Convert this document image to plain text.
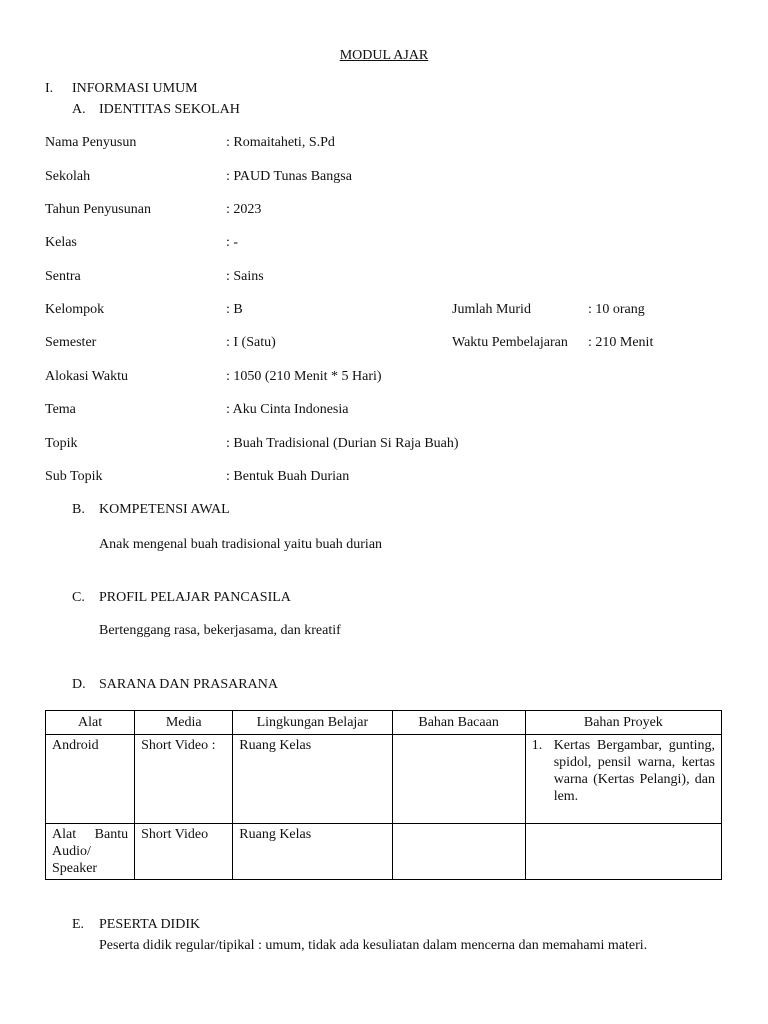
MODUL AJAR
I. INFORMASI UMUM
A. IDENTITAS SEKOLAH
Nama Penyusun	: Romaitaheti, S.Pd
Sekolah	: PAUD Tunas Bangsa
Tahun Penyusunan	: 2023
Kelas	: -
Sentra	: Sains
Kelompok	: B	Jumlah Murid	: 10 orang
Semester	: I (Satu)	Waktu Pembelajaran : 210 Menit
Alokasi Waktu	: 1050 (210 Menit * 5 Hari)
Tema	: Aku Cinta Indonesia
Topik	: Buah Tradisional (Durian Si Raja Buah)
Sub Topik	: Bentuk Buah Durian
B. KOMPETENSI AWAL
Anak mengenal buah tradisional yaitu buah durian
C. PROFIL PELAJAR PANCASILA
Bertenggang rasa, bekerjasama, dan kreatif
D. SARANA DAN PRASARANA
Alat	Media	Lingkungan Belajar	Bahan Bacaan	Bahan Proyek
Android	Short Video :	Ruang Kelas		1. Kertas Bergambar, gunting, spidol, pensil warna, kertas warna (Kertas Pelangi), dan lem.

Alat Bantu Audio/ Speaker	Short Video	Ruang Kelas		
E. PESERTA DIDIK
Peserta didik regular/tipikal : umum, tidak ada kesuliatan dalam mencerna dan memahami materi.
